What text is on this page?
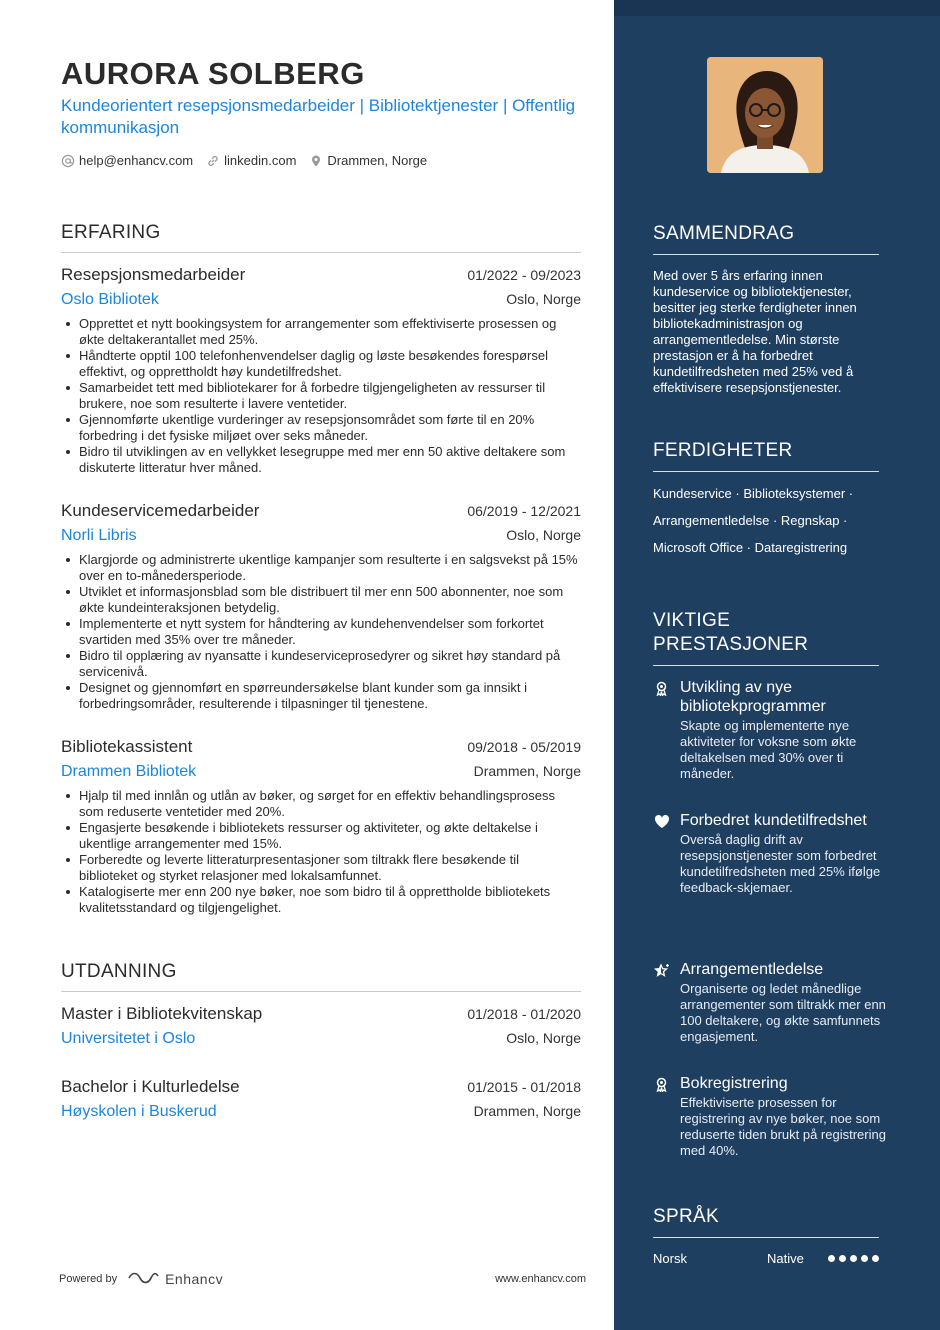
AURORA SOLBERG
Kundeorientert resepsjonsmedarbeider | Bibliotektjenester | Offentlig kommunikasjon
help@enhancv.com linkedin.com Drammen, Norge
ERFARING
Resepsjonsmedarbeider	01/2022 - 09/2023
Oslo Bibliotek	Oslo, Norge
Opprettet et nytt bookingsystem for arrangementer som effektiviserte prosessen og økte deltakerantallet med 25%.
Håndterte opptil 100 telefonhenvendelser daglig og løste besøkendes forespørsel effektivt, og opprettholdt høy kundetilfredshet.
Samarbeidet tett med bibliotekarer for å forbedre tilgjengeligheten av ressurser til brukere, noe som resulterte i lavere ventetider.
Gjennomførte ukentlige vurderinger av resepsjonsområdet som førte til en 20% forbedring i det fysiske miljøet over seks måneder.
Bidro til utviklingen av en vellykket lesegruppe med mer enn 50 aktive deltakere som diskuterte litteratur hver måned.
Kundeservicemedarbeider	06/2019 - 12/2021
Norli Libris	Oslo, Norge
Klargjorde og administrerte ukentlige kampanjer som resulterte i en salgsvekst på 15% over en to-månedersperiode.
Utviklet et informasjonsblad som ble distribuert til mer enn 500 abonnenter, noe som økte kundeinteraksjonen betydelig.
Implementerte et nytt system for håndtering av kundehenvendelser som forkortet svartiden med 35% over tre måneder.
Bidro til opplæring av nyansatte i kundeserviceprosedyrer og sikret høy standard på servicenivå.
Designet og gjennomført en spørreundersøkelse blant kunder som ga innsikt i forbedringsområder, resulterende i tilpasninger til tjenestene.
Bibliotekassistent	09/2018 - 05/2019
Drammen Bibliotek	Drammen, Norge
Hjalp til med innlån og utlån av bøker, og sørget for en effektiv behandlingsprosess som reduserte ventetider med 20%.
Engasjerte besøkende i bibliotekets ressurser og aktiviteter, og økte deltakelse i ukentlige arrangementer med 15%.
Forberedte og leverte litteraturpresentasjoner som tiltrakk flere besøkende til biblioteket og styrket relasjoner med lokalsamfunnet.
Katalogiserte mer enn 200 nye bøker, noe som bidro til å opprettholde bibliotekets kvalitetsstandard og tilgjengelighet.
UTDANNING
Master i Bibliotekvitenskap	01/2018 - 01/2020
Universitetet i Oslo	Oslo, Norge
Bachelor i Kulturledelse	01/2015 - 01/2018
Høyskolen i Buskerud	Drammen, Norge
Powered by	Enhancv	www.enhancv.com
SAMMENDRAG
Med over 5 års erfaring innen kundeservice og bibliotektjenester, besitter jeg sterke ferdigheter innen bibliotekadministrasjon og arrangementledelse. Min største prestasjon er å ha forbedret kundetilfredsheten med 25% ved å effektivisere resepsjonstjenester.
FERDIGHETER
Kundeservice · Biblioteksystemer ·
Arrangementledelse · Regnskap ·
Microsoft Office · Dataregistrering
VIKTIGE PRESTASJONER
Utvikling av nye bibliotekprogrammer
Skapte og implementerte nye aktiviteter for voksne som økte deltakelsen med 30% over ti måneder.
Forbedret kundetilfredshet
Overså daglig drift av resepsjonstjenester som forbedret kundetilfredsheten med 25% ifølge feedback-skjemaer.
Arrangementledelse
Organiserte og ledet månedlige arrangementer som tiltrakk mer enn 100 deltakere, og økte samfunnets engasjement.
Bokregistrering
Effektiviserte prosessen for registrering av nye bøker, noe som reduserte tiden brukt på registrering med 40%.
SPRÅK
Norsk	Native
